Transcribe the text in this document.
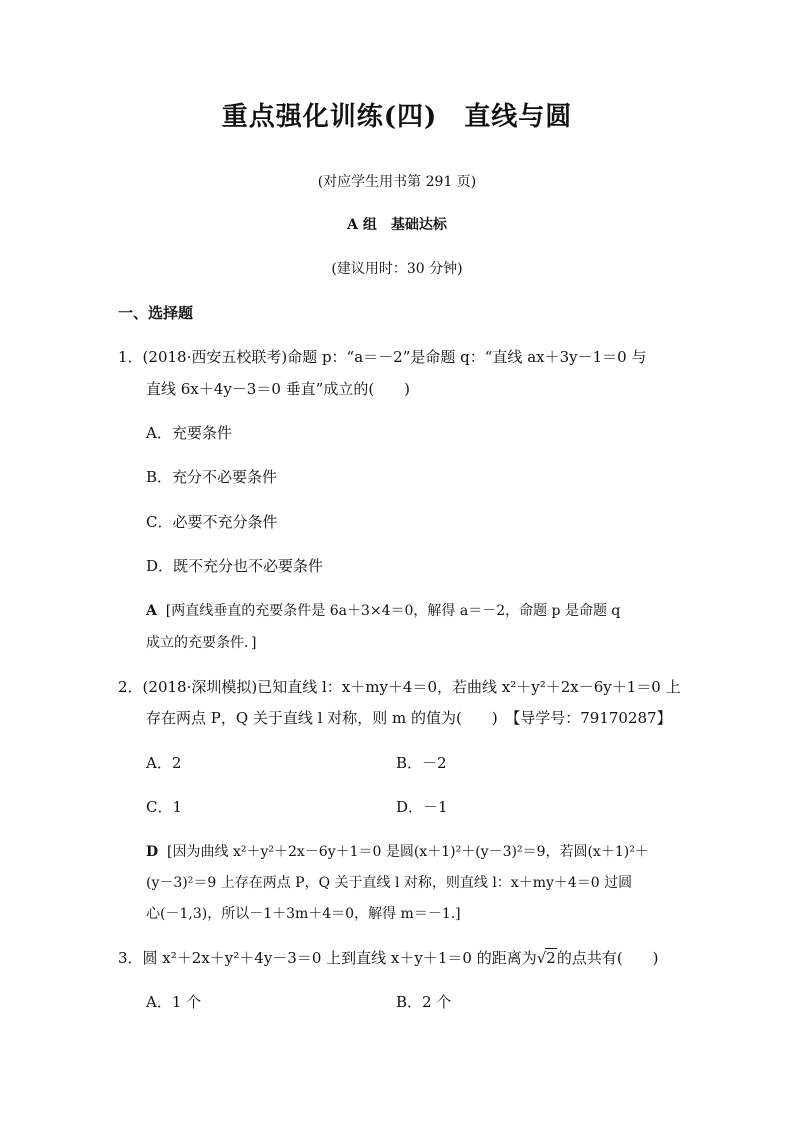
重点强化训练(四)　直线与圆
(对应学生用书第 291 页)
A 组　基础达标
(建议用时：30 分钟)
一、选择题
1．(2018·西安五校联考)命题 p：“a＝－2”是命题 q：“直线 ax＋3y－1＝0 与
直线 6x＋4y－3＝0 垂直”成立的(　　)
A．充要条件
B．充分不必要条件
C．必要不充分条件
D．既不充分也不必要条件
A [两直线垂直的充要条件是 6a＋3×4＝0，解得 a＝－2，命题 p 是命题 q
成立的充要条件．]
2．(2018·深圳模拟)已知直线 l：x＋my＋4＝0，若曲线 x²＋y²＋2x－6y＋1＝0 上
存在两点 P，Q 关于直线 l 对称，则 m 的值为(　　)　【导学号：79170287】
A．2	B．－2
C．1	D．－1
D [因为曲线 x²＋y²＋2x－6y＋1＝0 是圆(x＋1)²＋(y－3)²＝9，若圆(x＋1)²＋
(y－3)²＝9 上存在两点 P，Q 关于直线 l 对称，则直线 l：x＋my＋4＝0 过圆
心(－1,3)，所以－1＋3m＋4＝0，解得 m＝－1.]
3．圆 x²＋2x＋y²＋4y－3＝0 上到直线 x＋y＋1＝0 的距离为√2的点共有(　　)
A．1 个	B．2 个
